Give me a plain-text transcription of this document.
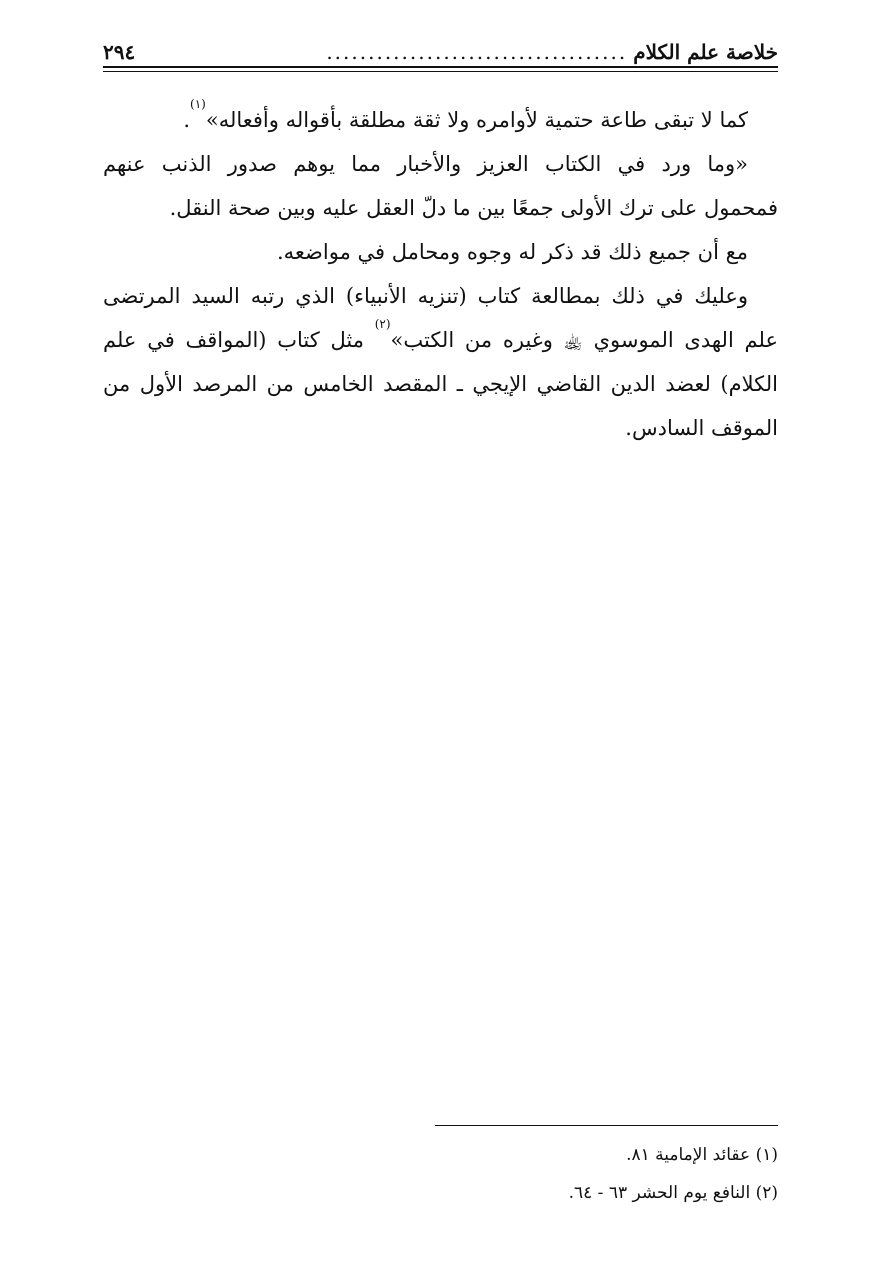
خلاصة علم الكلام
....................................
٢٩٤
كما لا تبقى طاعة حتمية لأوامره ولا ثقة مطلقة بأقواله وأفعاله»$^{(١)}$.
«وما ورد في الكتاب العزيز والأخبار مما يوهم صدور الذنب عنهم
فمحمول على ترك الأولى جمعًا بين ما دلّ العقل عليه وبين صحة النقل.
مع أن جميع ذلك قد ذكر له وجوه ومحامل في مواضعه.
وعليك في ذلك بمطالعة كتاب (تنزيه الأنبياء) الذي رتبه السيد المرتضى
علم الهدى الموسوي ﵀ وغيره من الكتب»$^{(٢)}$ مثل كتاب (المواقف في علم
الكلام) لعضد الدين القاضي الإيجي ـ المقصد الخامس من المرصد الأول من
الموقف السادس.
(١) عقائد الإمامية ٨١.
(٢) النافع يوم الحشر ٦٣ - ٦٤.
